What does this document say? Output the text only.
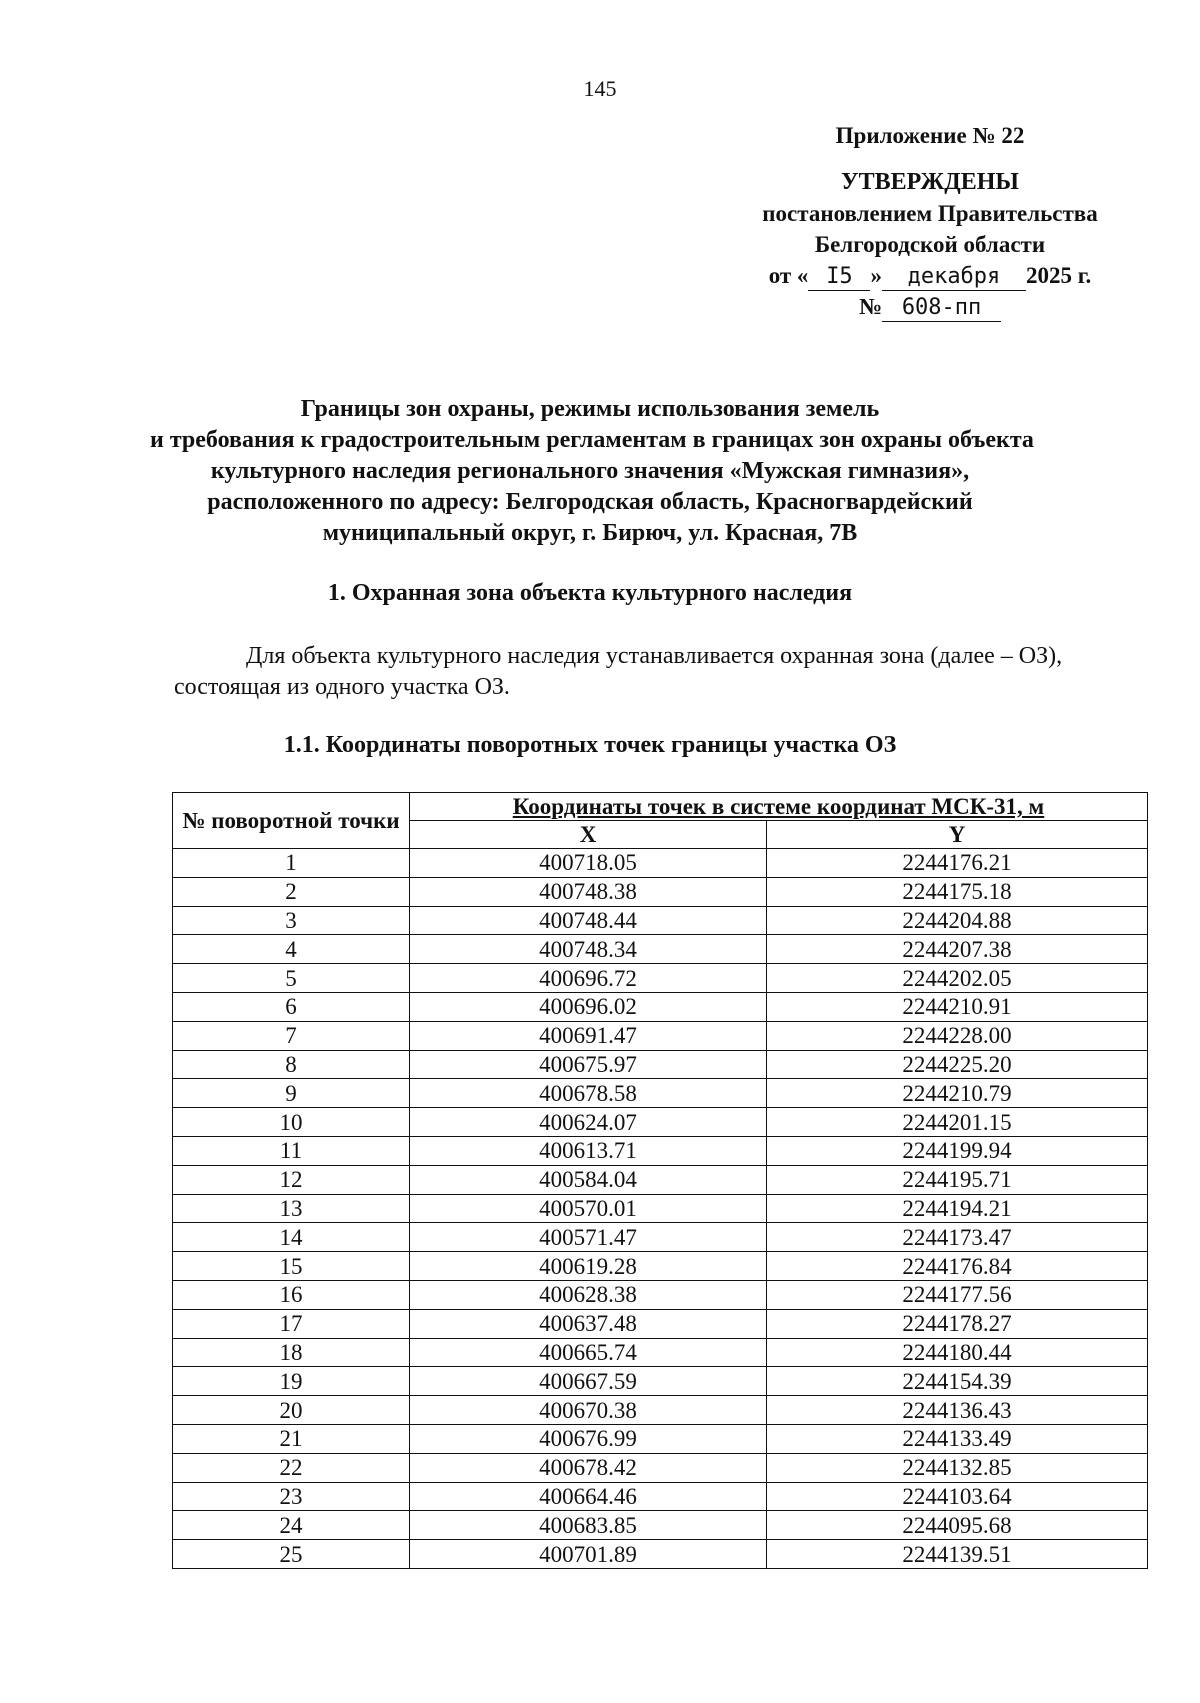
145
Приложение № 22
УТВЕРЖДЕНЫ
постановлением Правительства
Белгородской области
от « I5 »	декабря	2025 г.
№ 608-пп
Границы зон охраны, режимы использования земель
и требования к градостроительным регламентам в границах зон охраны объекта
культурного наследия регионального значения «Мужская гимназия»,
расположенного по адресу: Белгородская область, Красногвардейский
муниципальный округ, г. Бирюч, ул. Красная, 7В
1. Охранная зона объекта культурного наследия
Для объекта культурного наследия устанавливается охранная зона (далее – ОЗ),
состоящая из одного участка ОЗ.
1.1. Координаты поворотных точек границы участка ОЗ
№ поворотной точки	Координаты точек в системе координат МСК-31, м	
	X	Y
1	400718.05	2244176.21
2	400748.38	2244175.18
3	400748.44	2244204.88
4	400748.34	2244207.38
5	400696.72	2244202.05
6	400696.02	2244210.91
7	400691.47	2244228.00
8	400675.97	2244225.20
9	400678.58	2244210.79
10	400624.07	2244201.15
11	400613.71	2244199.94
12	400584.04	2244195.71
13	400570.01	2244194.21
14	400571.47	2244173.47
15	400619.28	2244176.84
16	400628.38	2244177.56
17	400637.48	2244178.27
18	400665.74	2244180.44
19	400667.59	2244154.39
20	400670.38	2244136.43
21	400676.99	2244133.49
22	400678.42	2244132.85
23	400664.46	2244103.64
24	400683.85	2244095.68
25	400701.89	2244139.51
